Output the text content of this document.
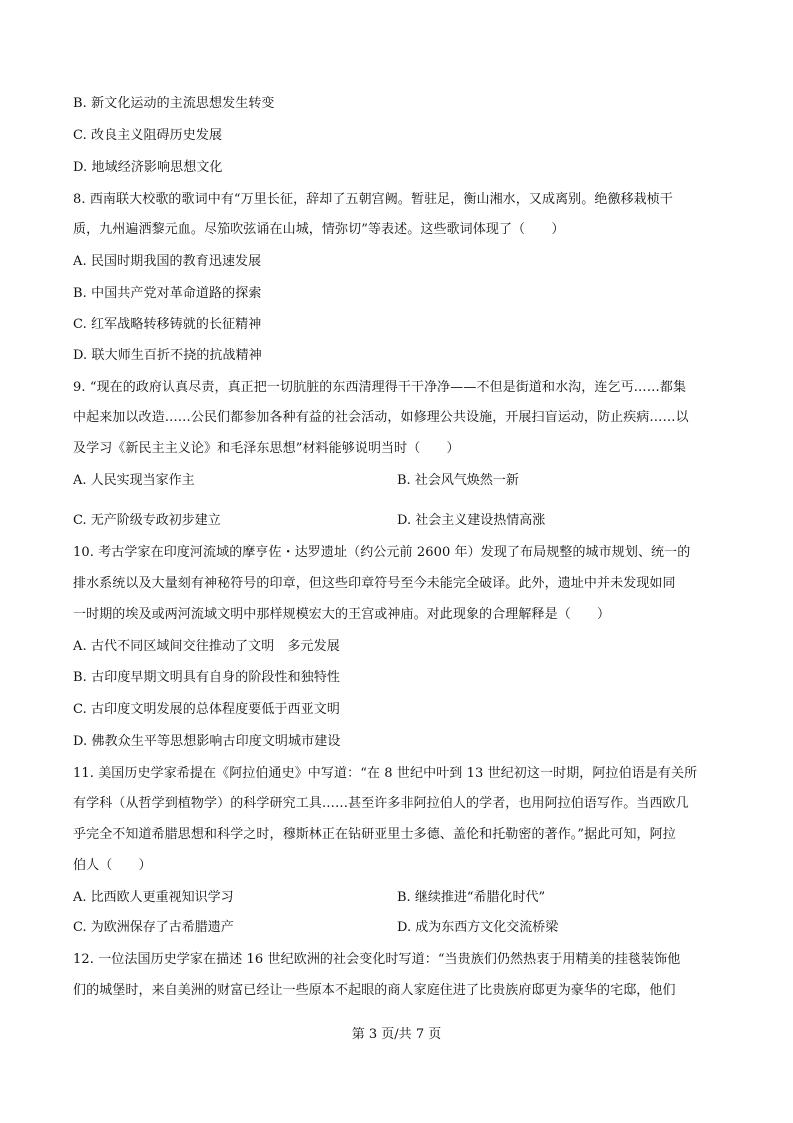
B. 新文化运动的主流思想发生转变
C. 改良主义阻碍历史发展
D. 地域经济影响思想文化
8. 西南联大校歌的歌词中有“万里长征，辞却了五朝宫阙。暂驻足，衡山湘水，又成离别。绝徼移栽桢干
质，九州遍洒黎元血。尽笳吹弦诵在山城，情弥切”等表述。这些歌词体现了（　　）
A. 民国时期我国的教育迅速发展
B. 中国共产党对革命道路的探索
C. 红军战略转移铸就的长征精神
D. 联大师生百折不挠的抗战精神
9. “现在的政府认真尽责，真正把一切肮脏的东西清理得干干净净——不但是街道和水沟，连乞丐……都集
中起来加以改造……公民们都参加各种有益的社会活动，如修理公共设施，开展扫盲运动，防止疾病……以
及学习《新民主主义论》和毛泽东思想”材料能够说明当时（　　）
A. 人民实现当家作主	B. 社会风气焕然一新
C. 无产阶级专政初步建立	D. 社会主义建设热情高涨
10. 考古学家在印度河流域的摩亨佐・达罗遗址（约公元前 2600 年）发现了布局规整的城市规划、统一的
排水系统以及大量刻有神秘符号的印章，但这些印章符号至今未能完全破译。此外，遗址中并未发现如同
一时期的埃及或两河流域文明中那样规模宏大的王宫或神庙。对此现象的合理解释是（　　）
A. 古代不同区域间交往推动了文明　多元发展
B. 古印度早期文明具有自身的阶段性和独特性
C. 古印度文明发展的总体程度要低于西亚文明
D. 佛教众生平等思想影响古印度文明城市建设
11. 美国历史学家希提在《阿拉伯通史》中写道：“在 8 世纪中叶到 13 世纪初这一时期，阿拉伯语是有关所
有学科（从哲学到植物学）的科学研究工具……甚至许多非阿拉伯人的学者，也用阿拉伯语写作。当西欧几
乎完全不知道希腊思想和科学之时，穆斯林正在钻研亚里士多德、盖伦和托勒密的著作。”据此可知，阿拉
伯人（　　）
A. 比西欧人更重视知识学习	B. 继续推进“希腊化时代”
C. 为欧洲保存了古希腊遗产	D. 成为东西方文化交流桥梁
12. 一位法国历史学家在描述 16 世纪欧洲的社会变化时写道：“当贵族们仍然热衷于用精美的挂毯装饰他
们的城堡时，来自美洲的财富已经让一些原本不起眼的商人家庭住进了比贵族府邸更为豪华的宅邸，他们
第 3 页/共 7 页
